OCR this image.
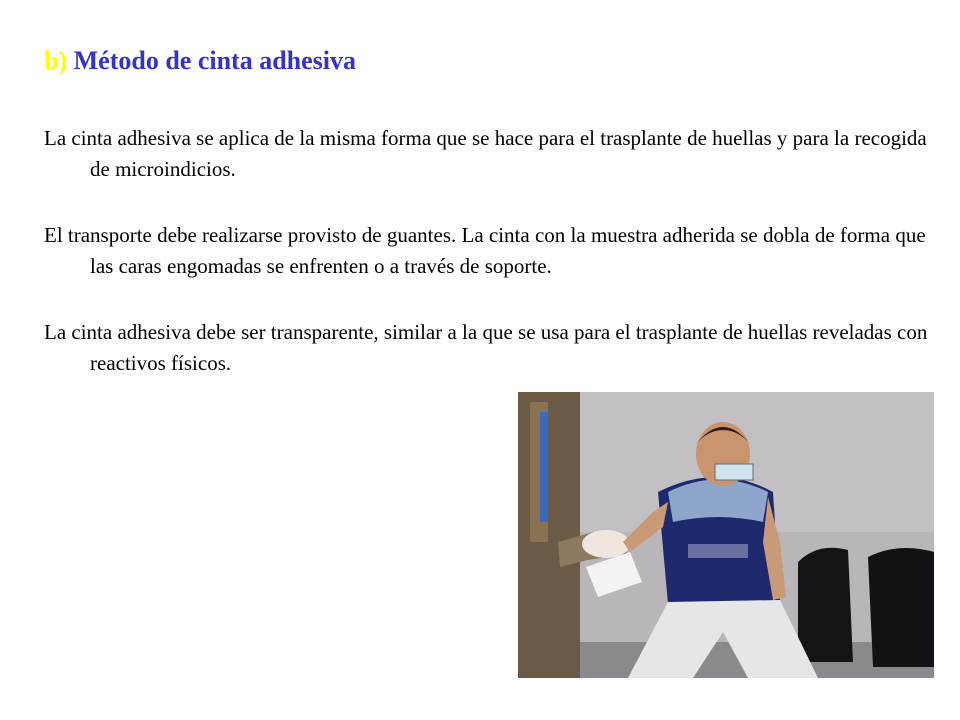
b) Método de cinta adhesiva

La cinta adhesiva se aplica de la misma forma que se hace para el trasplante de huellas y para la recogida de microindicios.

El transporte debe realizarse provisto de guantes. La cinta con la muestra adherida se dobla de forma que las caras engomadas se enfrenten o a través de soporte.

La cinta adhesiva debe ser transparente, similar a la que se usa para el trasplante de huellas reveladas con reactivos físicos.
